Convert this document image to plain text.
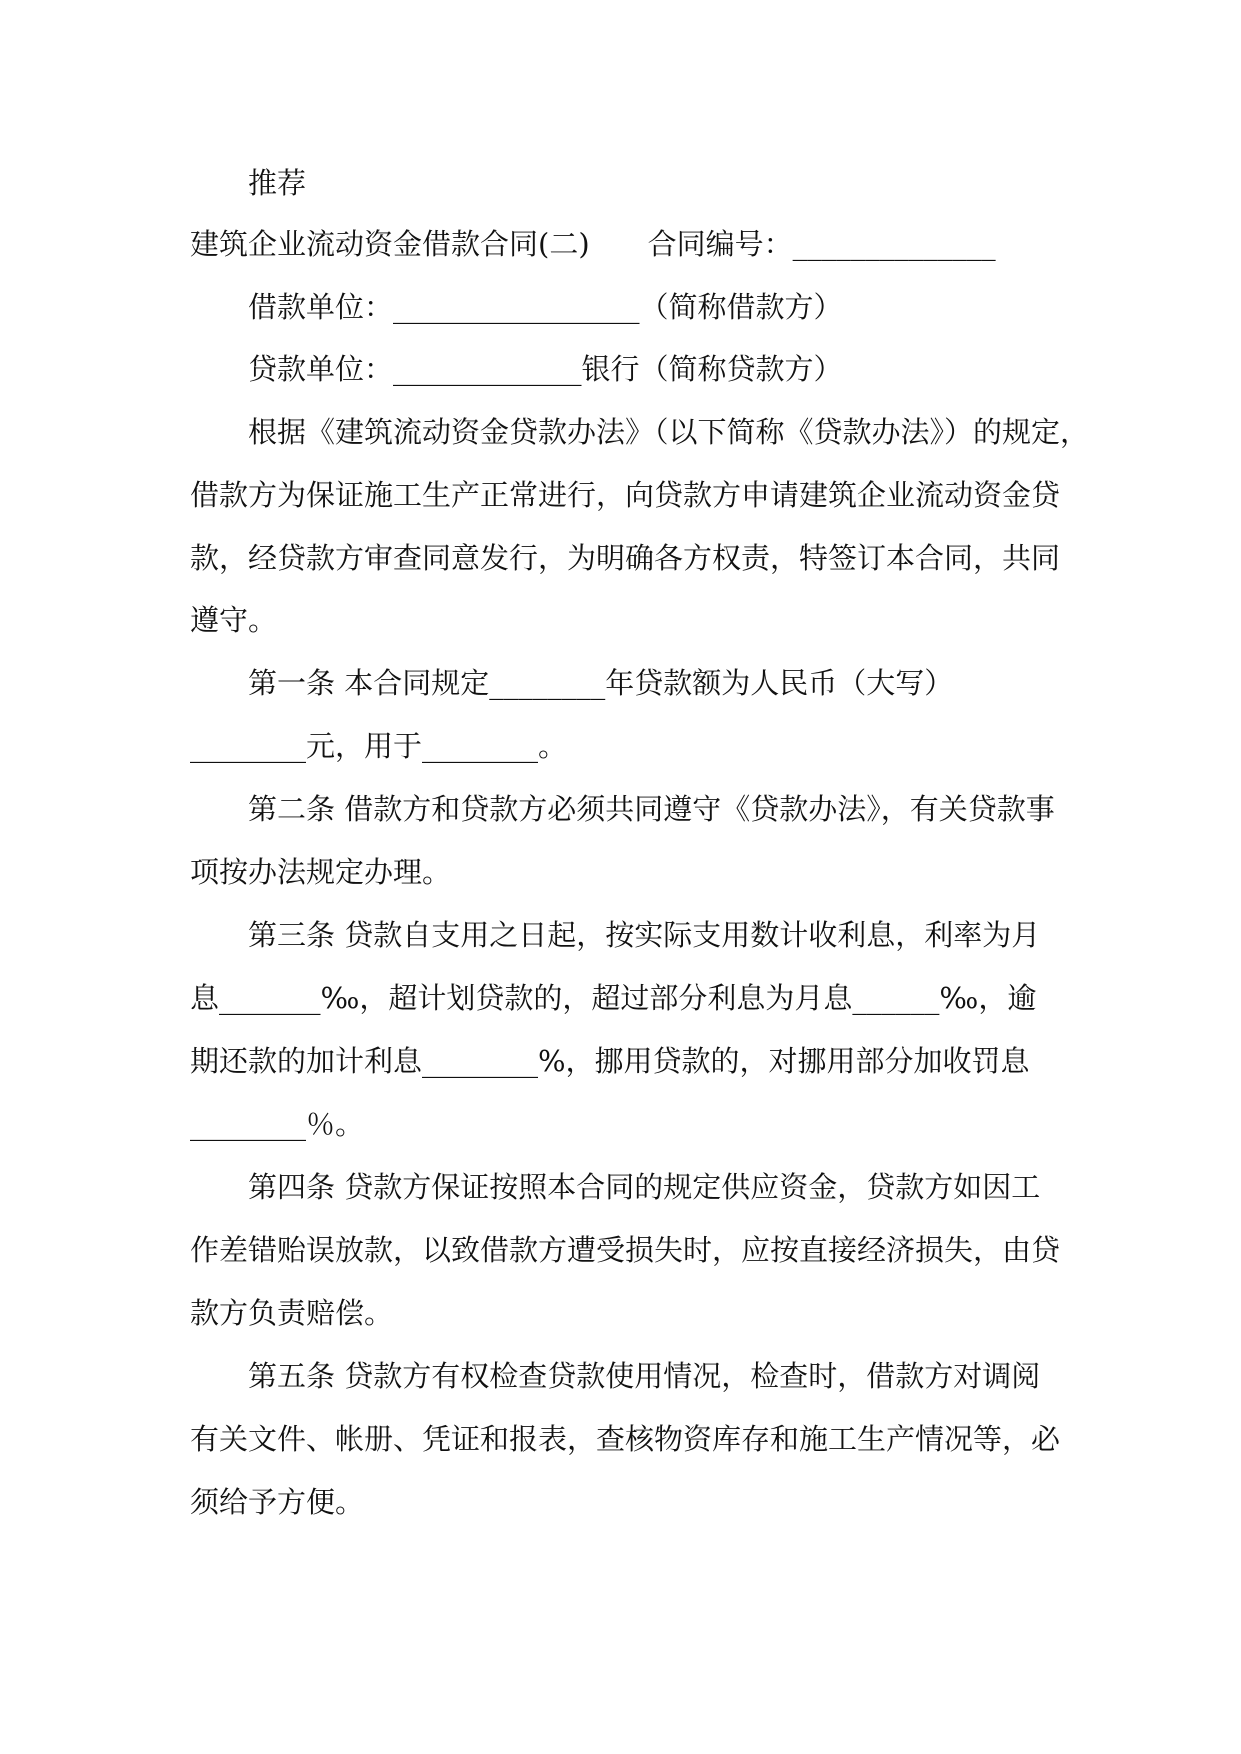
推荐
建筑企业流动资金借款合同(二)　　合同编号：______________
借款单位：_________________（简称借款方）
贷款单位：_____________银行（简称贷款方）
根据《建筑流动资金贷款办法》（以下简称《贷款办法》）的规定，
借款方为保证施工生产正常进行，向贷款方申请建筑企业流动资金贷
款，经贷款方审查同意发行，为明确各方权责，特签订本合同，共同
遵守。
第一条 本合同规定________年贷款额为人民币（大写）
________元，用于________。
第二条 借款方和贷款方必须共同遵守《贷款办法》，有关贷款事
项按办法规定办理。
第三条 贷款自支用之日起，按实际支用数计收利息，利率为月
息_______‰，超计划贷款的，超过部分利息为月息______‰，逾
期还款的加计利息________%，挪用贷款的，对挪用部分加收罚息
________％。
第四条 贷款方保证按照本合同的规定供应资金，贷款方如因工
作差错贻误放款，以致借款方遭受损失时，应按直接经济损失，由贷
款方负责赔偿。
第五条 贷款方有权检查贷款使用情况，检查时，借款方对调阅
有关文件、帐册、凭证和报表，查核物资库存和施工生产情况等，必
须给予方便。
